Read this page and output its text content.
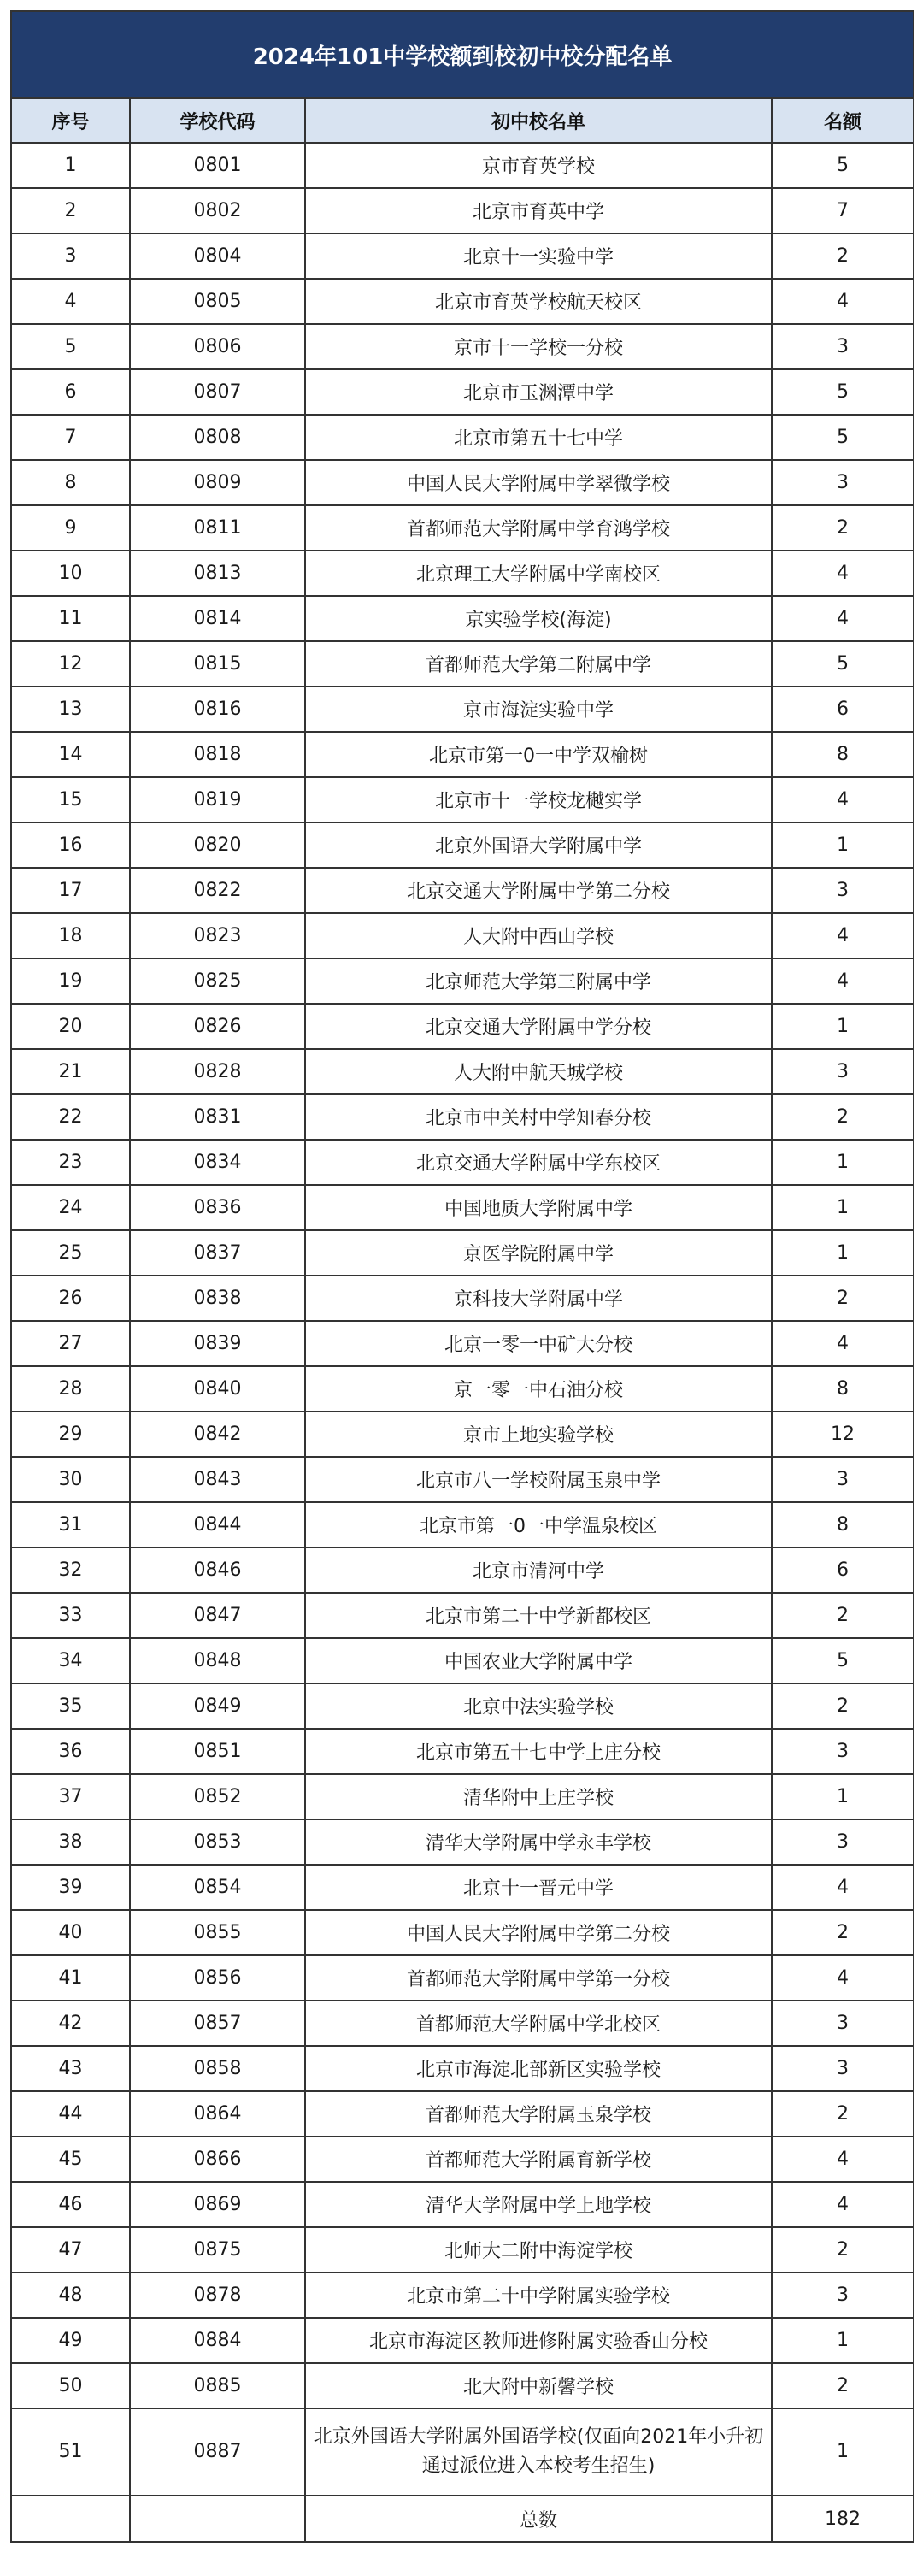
2024年101中学校额到校初中校分配名单			
序号	学校代码	初中校名单	名额
1	0801	京市育英学校	5
2	0802	北京市育英中学	7
3	0804	北京十一实验中学	2
4	0805	北京市育英学校航天校区	4
5	0806	京市十一学校一分校	3
6	0807	北京市玉渊潭中学	5
7	0808	北京市第五十七中学	5
8	0809	中国人民大学附属中学翠微学校	3
9	0811	首都师范大学附属中学育鸿学校	2
10	0813	北京理工大学附属中学南校区	4
11	0814	京实验学校(海淀)	4
12	0815	首都师范大学第二附属中学	5
13	0816	京市海淀实验中学	6
14	0818	北京市第一0一中学双榆树	8
15	0819	北京市十一学校龙樾实学	4
16	0820	北京外国语大学附属中学	1
17	0822	北京交通大学附属中学第二分校	3
18	0823	人大附中西山学校	4
19	0825	北京师范大学第三附属中学	4
20	0826	北京交通大学附属中学分校	1
21	0828	人大附中航天城学校	3
22	0831	北京市中关村中学知春分校	2
23	0834	北京交通大学附属中学东校区	1
24	0836	中国地质大学附属中学	1
25	0837	京医学院附属中学	1
26	0838	京科技大学附属中学	2
27	0839	北京一零一中矿大分校	4
28	0840	京一零一中石油分校	8
29	0842	京市上地实验学校	12
30	0843	北京市八一学校附属玉泉中学	3
31	0844	北京市第一0一中学温泉校区	8
32	0846	北京市清河中学	6
33	0847	北京市第二十中学新都校区	2
34	0848	中国农业大学附属中学	5
35	0849	北京中法实验学校	2
36	0851	北京市第五十七中学上庄分校	3
37	0852	清华附中上庄学校	1
38	0853	清华大学附属中学永丰学校	3
39	0854	北京十一晋元中学	4
40	0855	中国人民大学附属中学第二分校	2
41	0856	首都师范大学附属中学第一分校	4
42	0857	首都师范大学附属中学北校区	3
43	0858	北京市海淀北部新区实验学校	3
44	0864	首都师范大学附属玉泉学校	2
45	0866	首都师范大学附属育新学校	4
46	0869	清华大学附属中学上地学校	4
47	0875	北师大二附中海淀学校	2
48	0878	北京市第二十中学附属实验学校	3
49	0884	北京市海淀区教师进修附属实验香山分校	1
50	0885	北大附中新馨学校	2
51	0887	北京外国语大学附属外国语学校(仅面向2021年小升初通过派位进入本校考生招生)	1
		总数	182
